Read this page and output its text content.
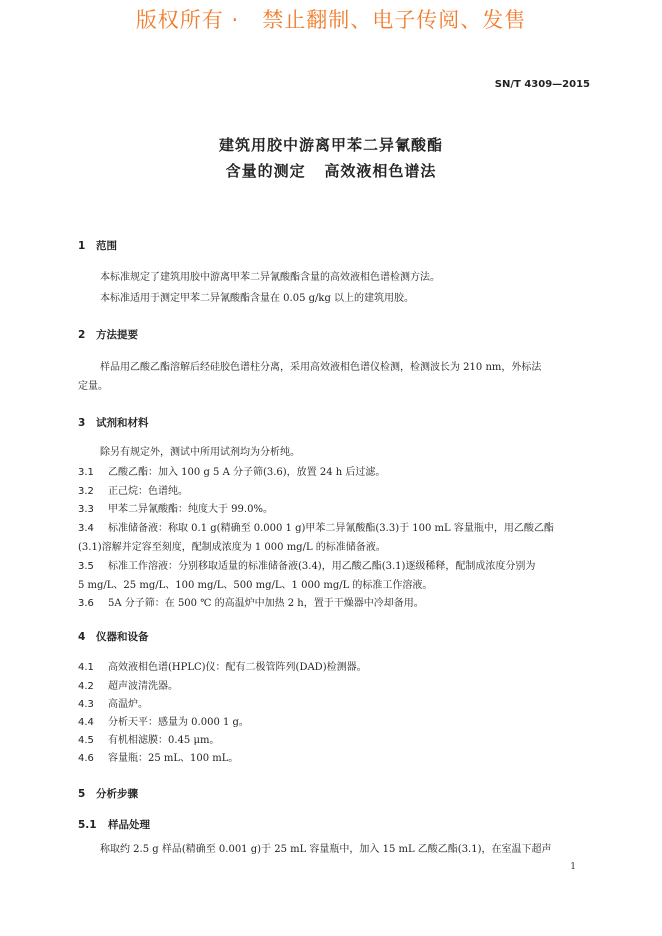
版权所有 ·   禁止翻制、电子传阅、发售
SN/T 4309—2015
建筑用胶中游离甲苯二异氰酸酯
含量的测定   高效液相色谱法
1 范围
本标准规定了建筑用胶中游离甲苯二异氰酸酯含量的高效液相色谱检测方法。
本标准适用于测定甲苯二异氰酸酯含量在 0.05 g/kg 以上的建筑用胶。
2 方法提要
样品用乙酸乙酯溶解后经硅胶色谱柱分离，采用高效液相色谱仪检测，检测波长为 210 nm，外标法
定量。
3 试剂和材料
除另有规定外，测试中所用试剂均为分析纯。
3.1 乙酸乙酯：加入 100 g 5 A 分子筛(3.6)，放置 24 h 后过滤。
3.2 正己烷：色谱纯。
3.3 甲苯二异氰酸酯：纯度大于 99.0%。
3.4 标准储备液：称取 0.1 g(精确至 0.000 1 g)甲苯二异氰酸酯(3.3)于 100 mL 容量瓶中，用乙酸乙酯
(3.1)溶解并定容至刻度，配制成浓度为 1 000 mg/L 的标准储备液。
3.5 标准工作溶液：分别移取适量的标准储备液(3.4)，用乙酸乙酯(3.1)逐级稀释，配制成浓度分别为
5 mg/L、25 mg/L、100 mg/L、500 mg/L、1 000 mg/L 的标准工作溶液。
3.6 5A 分子筛：在 500 ℃ 的高温炉中加热 2 h，置于干燥器中冷却备用。
4 仪器和设备
4.1 高效液相色谱(HPLC)仪：配有二极管阵列(DAD)检测器。
4.2 超声波清洗器。
4.3 高温炉。
4.4 分析天平：感量为 0.000 1 g。
4.5 有机相滤膜：0.45 μm。
4.6 容量瓶：25 mL、100 mL。
5 分析步骤
5.1 样品处理
称取约 2.5 g 样品(精确至 0.001 g)于 25 mL 容量瓶中，加入 15 mL 乙酸乙酯(3.1)，在室温下超声
1
